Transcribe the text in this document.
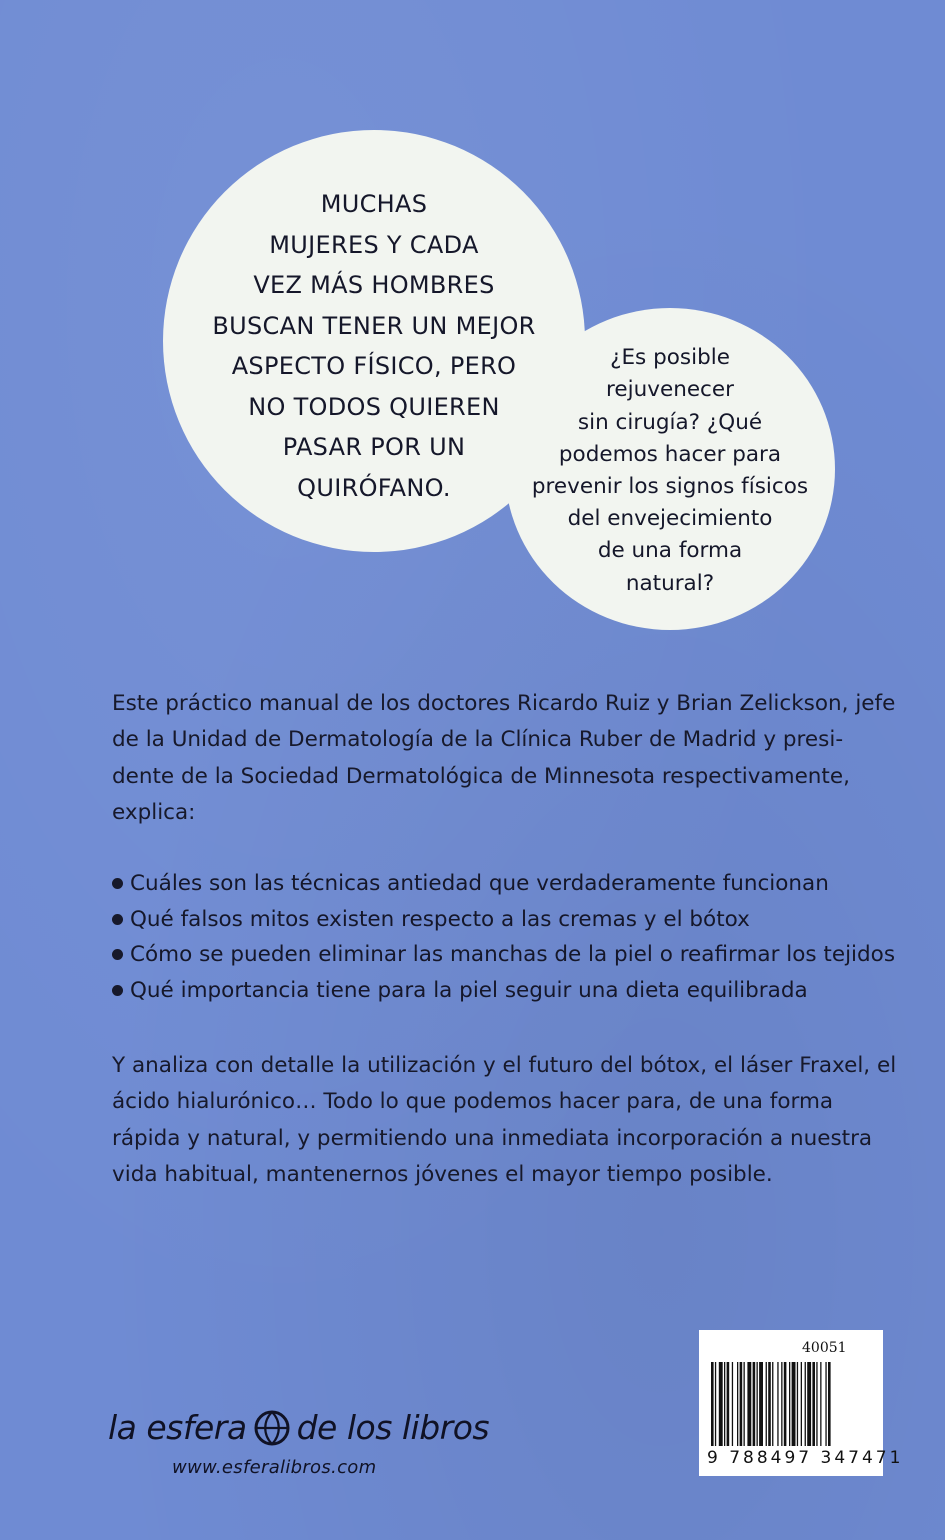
MUCHAS
MUJERES Y CADA
VEZ MÁS HOMBRES
BUSCAN TENER UN MEJOR
ASPECTO FÍSICO, PERO
NO TODOS QUIEREN
PASAR POR UN
QUIRÓFANO.
¿Es posible
rejuvenecer
sin cirugía? ¿Qué
podemos hacer para
prevenir los signos físicos
del envejecimiento
de una forma
natural?
Este práctico manual de los doctores Ricardo Ruiz y Brian Zelickson, jefe
de la Unidad de Dermatología de la Clínica Ruber de Madrid y presi-
dente de la Sociedad Dermatológica de Minnesota respectivamente,
explica:
Cuáles son las técnicas antiedad que verdaderamente funcionan
Qué falsos mitos existen respecto a las cremas y el bótox
Cómo se pueden eliminar las manchas de la piel o reafirmar los tejidos
Qué importancia tiene para la piel seguir una dieta equilibrada
Y analiza con detalle la utilización y el futuro del bótox, el láser Fraxel, el
ácido hialurónico… Todo lo que podemos hacer para, de una forma
rápida y natural, y permitiendo una inmediata incorporación a nuestra
vida habitual, mantenernos jóvenes el mayor tiempo posible.
la esfera de los libros
www.esferalibros.com
40051
9 788497 347471
